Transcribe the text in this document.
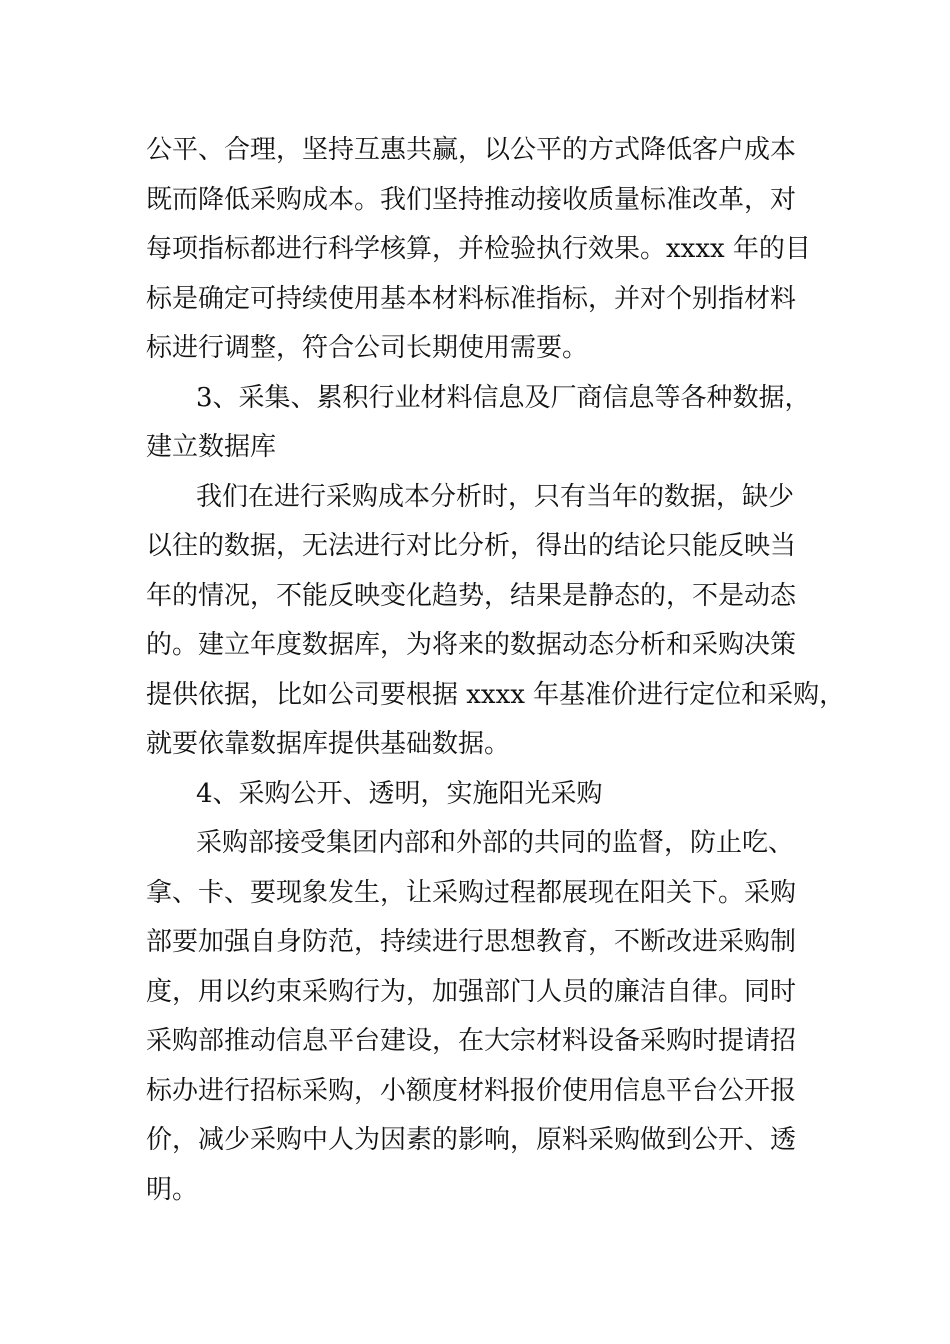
公平、合理，坚持互惠共赢，以公平的方式降低客户成本
既而降低采购成本。我们坚持推动接收质量标准改革，对
每项指标都进行科学核算，并检验执行效果。xxxx 年的目
标是确定可持续使用基本材料标准指标，并对个别指材料
标进行调整，符合公司长期使用需要。
3、采集、累积行业材料信息及厂商信息等各种数据，
建立数据库
我们在进行采购成本分析时，只有当年的数据，缺少
以往的数据，无法进行对比分析，得出的结论只能反映当
年的情况，不能反映变化趋势，结果是静态的，不是动态
的。建立年度数据库，为将来的数据动态分析和采购决策
提供依据，比如公司要根据 xxxx 年基准价进行定位和采购，
就要依靠数据库提供基础数据。
4、采购公开、透明，实施阳光采购
采购部接受集团内部和外部的共同的监督，防止吃、
拿、卡、要现象发生，让采购过程都展现在阳关下。采购
部要加强自身防范，持续进行思想教育，不断改进采购制
度，用以约束采购行为，加强部门人员的廉洁自律。同时
采购部推动信息平台建设，在大宗材料设备采购时提请招
标办进行招标采购，小额度材料报价使用信息平台公开报
价，减少采购中人为因素的影响，原料采购做到公开、透
明。
